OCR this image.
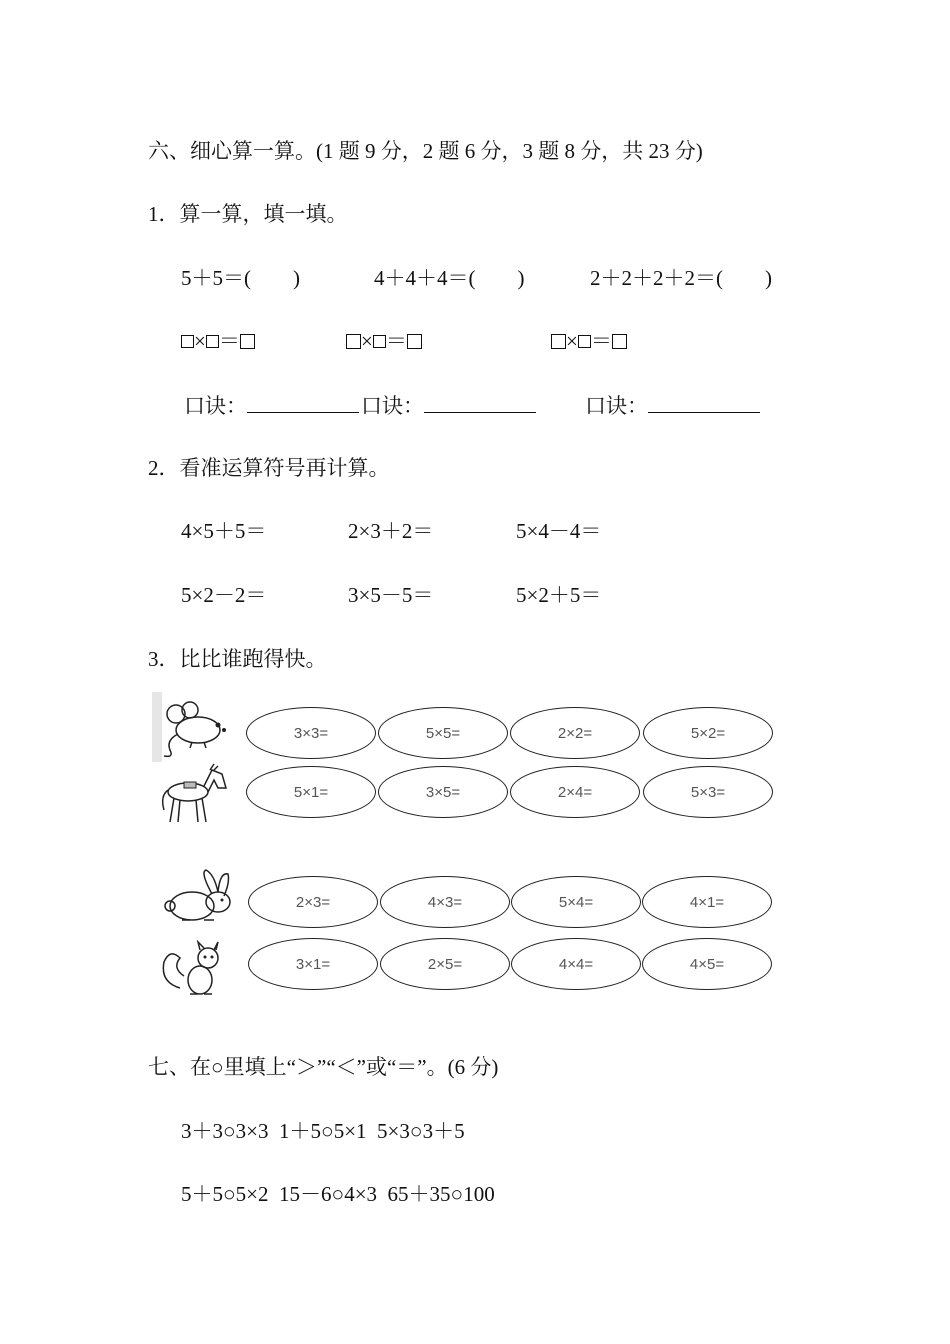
六、细心算一算。(1 题 9 分，2 题 6 分，3 题 8 分，共 23 分)
1．算一算，填一填。
5＋5＝(　　)	4＋4＋4＝(　　)	2＋2＋2＋2＝(　　)
× ＝	× ＝	× ＝
口诀：	口诀：	口诀：
2．看准运算符号再计算。
4×5＋5＝	2×3＋2＝	5×4－4＝
5×2－2＝	3×5－5＝	5×2＋5＝
3．比比谁跑得快。
3×3=	5×5=	2×2=	5×2=
5×1=	3×5=	2×4=	5×3=
2×3=	4×3=	5×4=	4×1=
3×1=	2×5=	4×4=	4×5=
七、在○里填上“＞”“＜”或“＝”。(6 分)
3＋3○3×3  1＋5○5×1  5×3○3＋5
5＋5○5×2  15－6○4×3  65＋35○100
